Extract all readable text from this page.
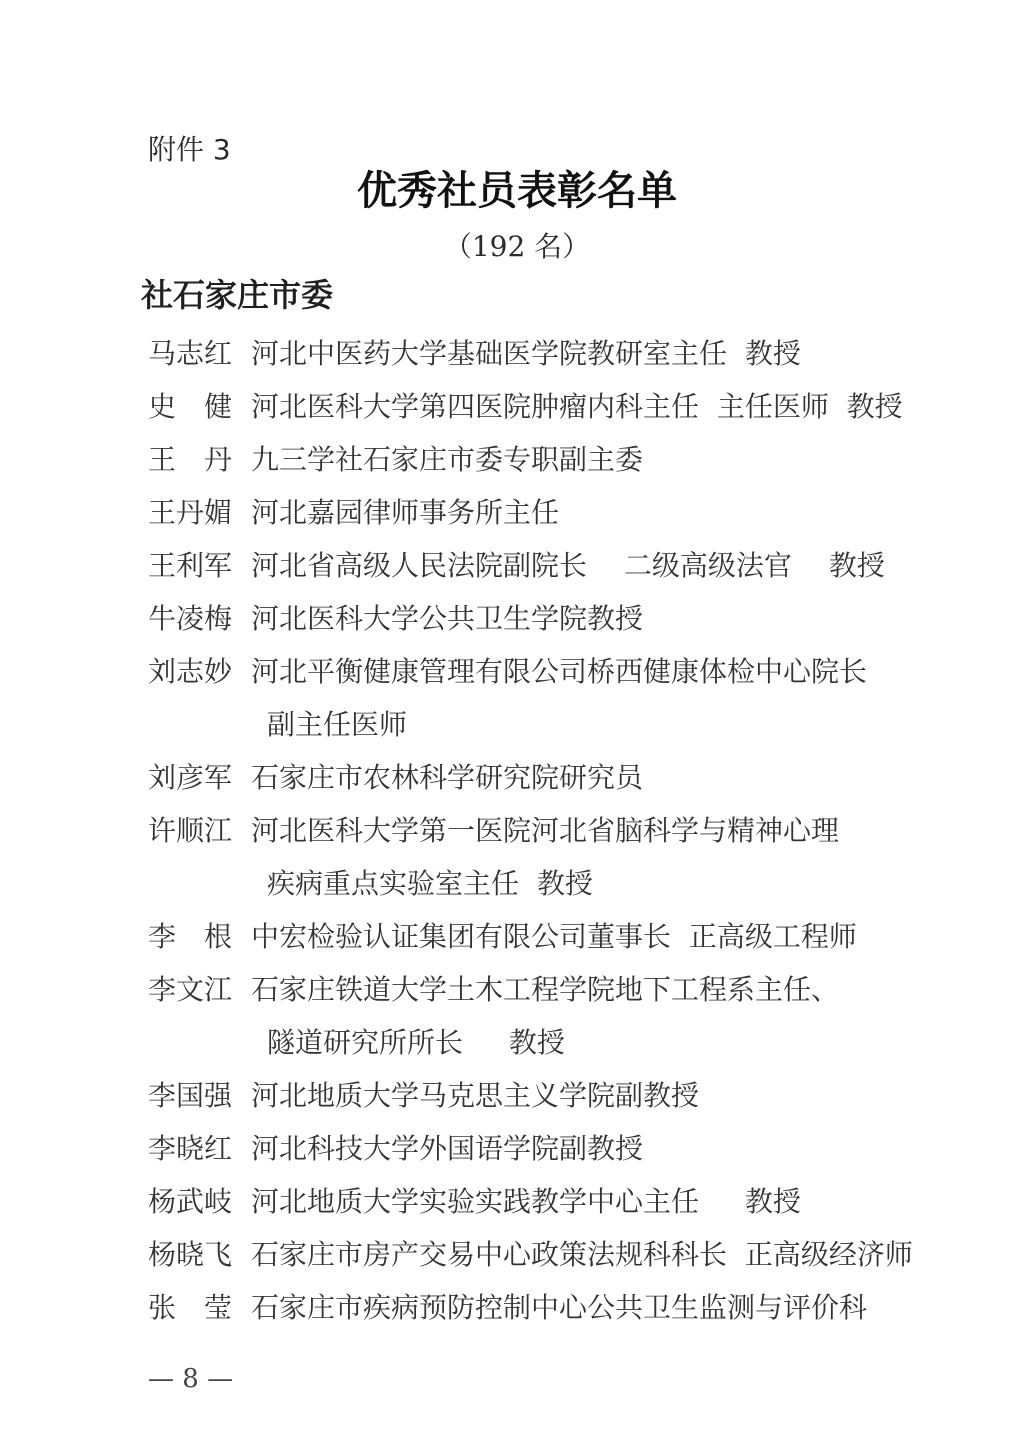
附件 3
优秀社员表彰名单
（192 名）
社石家庄市委
马志红 河北中医药大学基础医学院教研室主任  教授
史　健 河北医科大学第四医院肿瘤内科主任  主任医师  教授
王　丹 九三学社石家庄市委专职副主委
王丹媚 河北嘉园律师事务所主任
王利军 河北省高级人民法院副院长　 二级高级法官　 教授
牛凌梅 河北医科大学公共卫生学院教授
刘志妙 河北平衡健康管理有限公司桥西健康体检中心院长
副主任医师
刘彦军 石家庄市农林科学研究院研究员
许顺江 河北医科大学第一医院河北省脑科学与精神心理
疾病重点实验室主任  教授
李　根 中宏检验认证集团有限公司董事长  正高级工程师
李文江 石家庄铁道大学土木工程学院地下工程系主任、
隧道研究所所长　  教授
李国强 河北地质大学马克思主义学院副教授
李晓红 河北科技大学外国语学院副教授
杨武岐 河北地质大学实验实践教学中心主任　  教授
杨晓飞 石家庄市房产交易中心政策法规科科长  正高级经济师
张　莹 石家庄市疾病预防控制中心公共卫生监测与评价科
— 8 —
